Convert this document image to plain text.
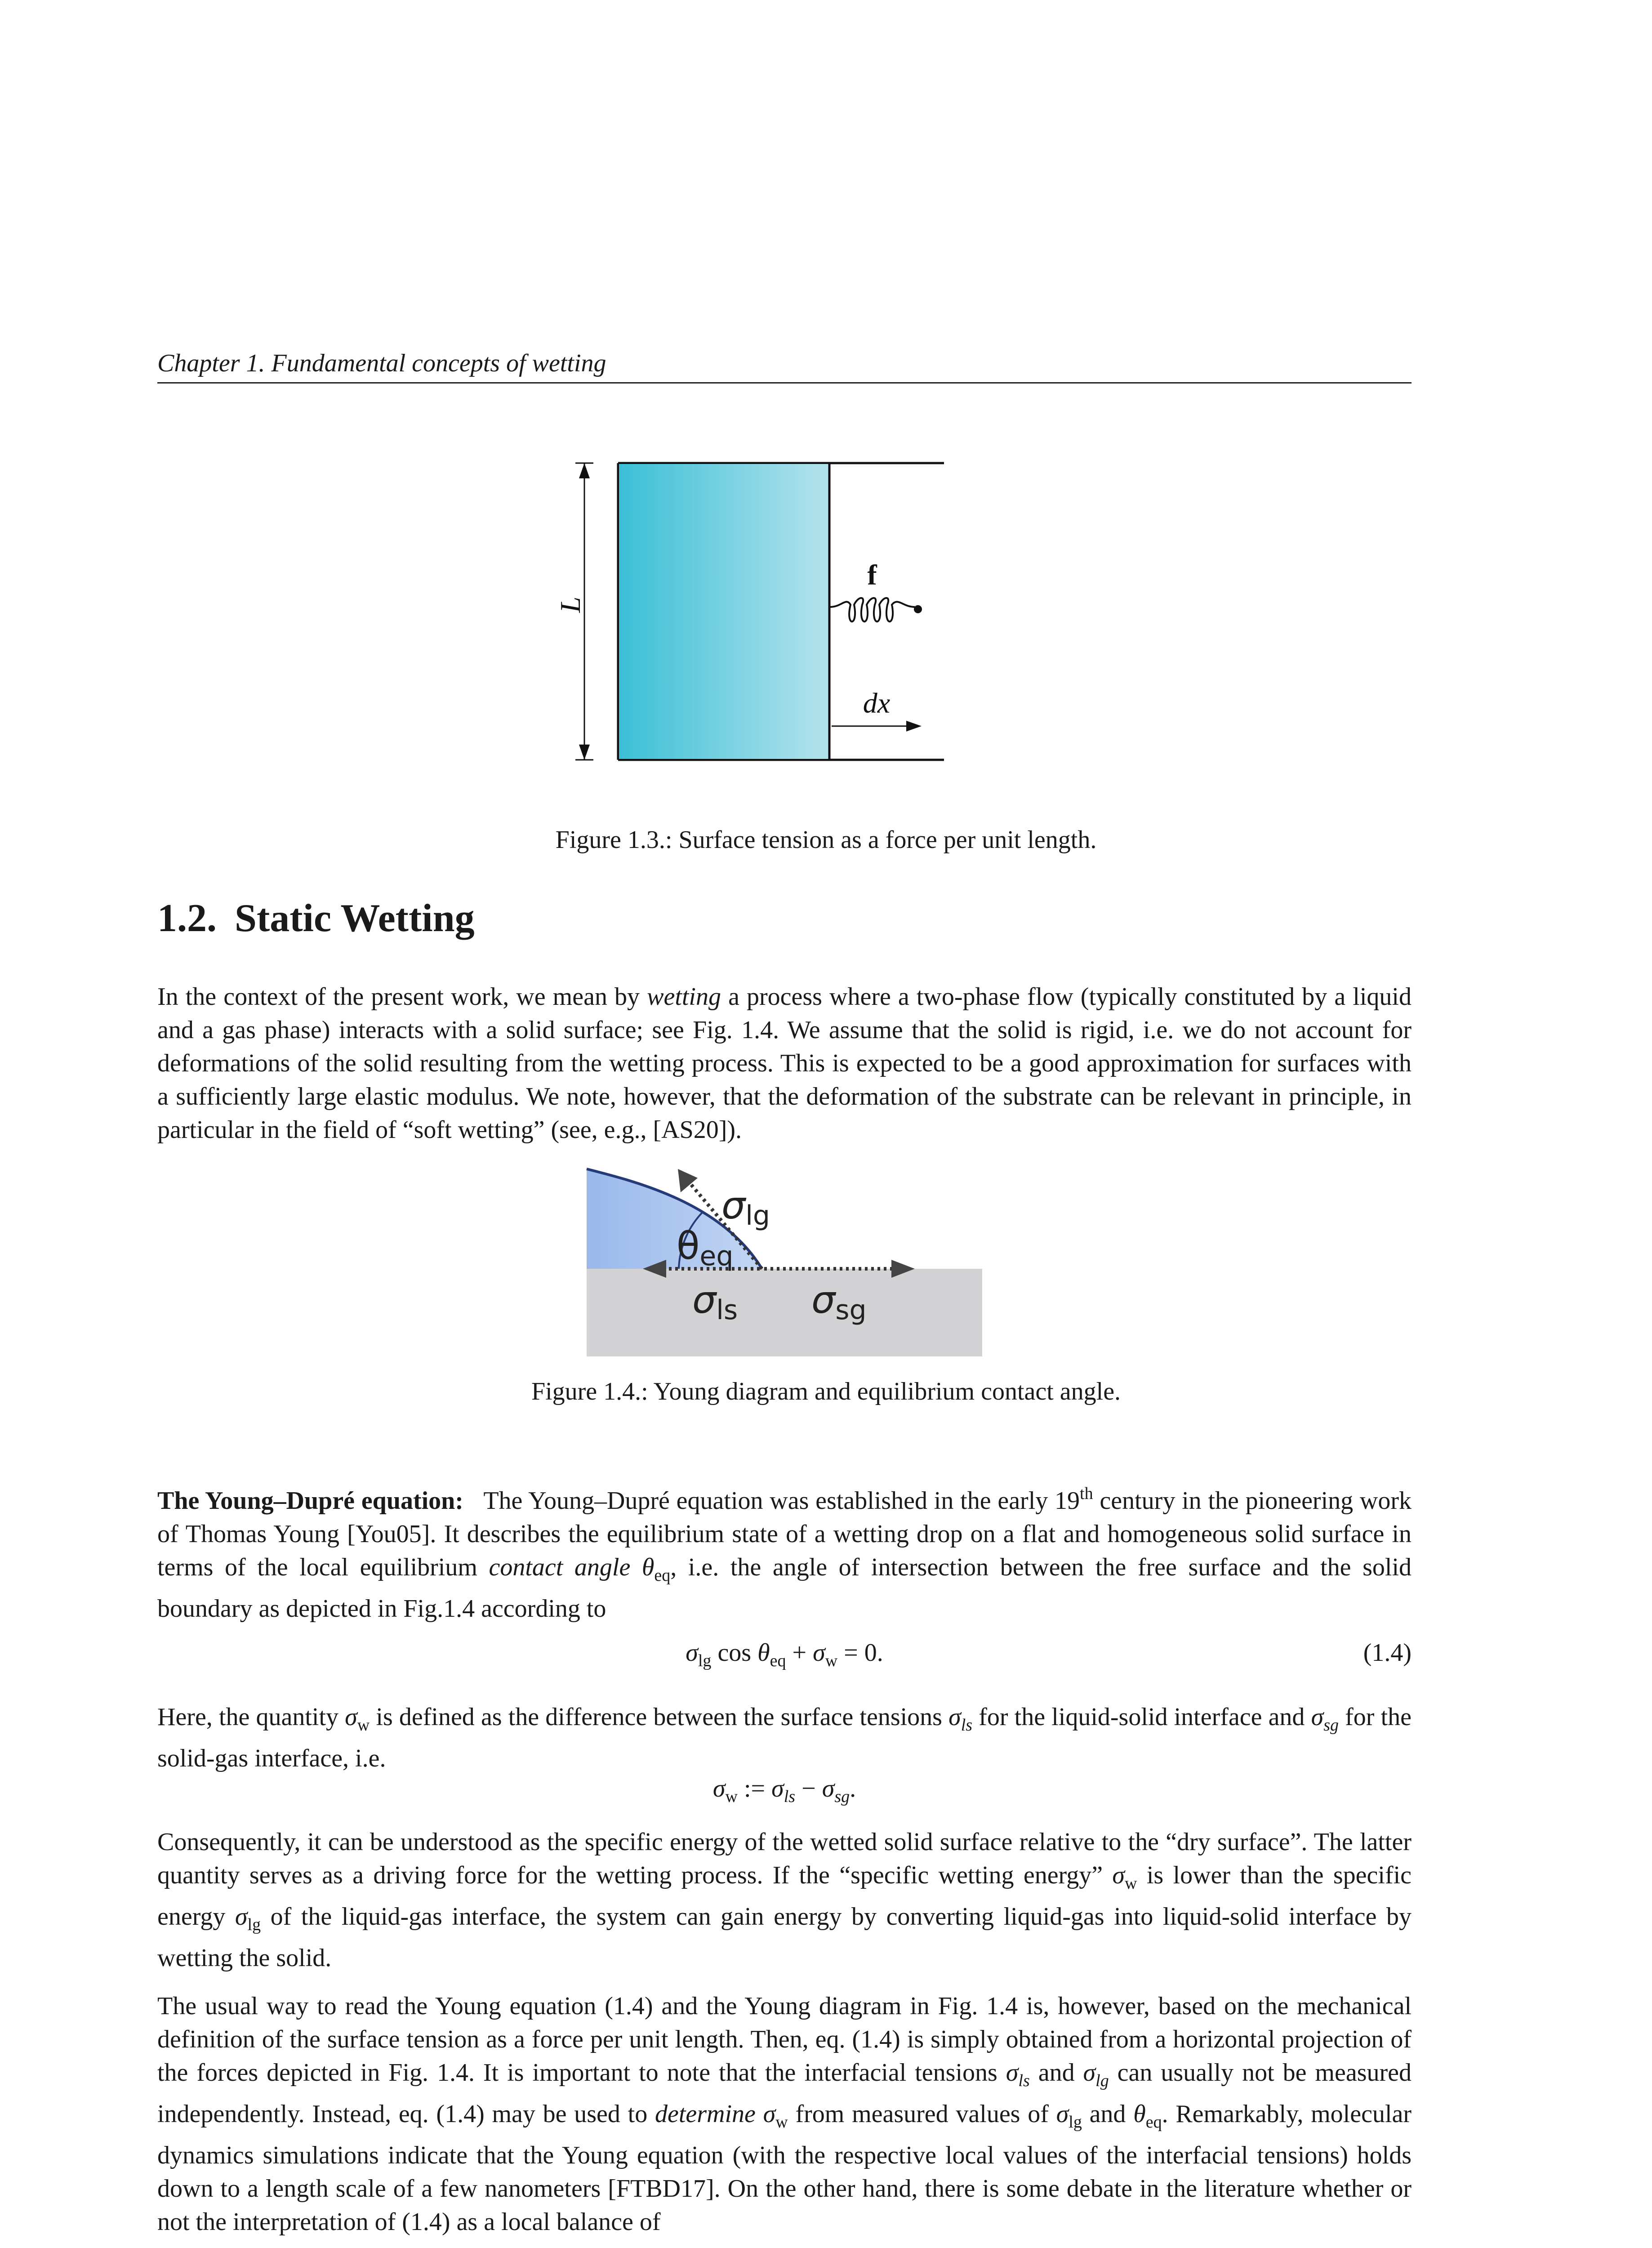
Chapter 1. Fundamental concepts of wetting
L
f
dx
Figure 1.3.: Surface tension as a force per unit length.
1.2. Static Wetting

In the context of the present work, we mean by wetting a process where a two-phase flow (typically constituted by a liquid and a gas phase) interacts with a solid surface; see Fig. 1.4. We assume that the solid is rigid, i.e. we do not account for deformations of the solid resulting from the wetting process. This is expected to be a good approximation for surfaces with a sufficiently large elastic modulus. We note, however, that the deformation of the substrate can be relevant in principle, in particular in the field of “soft wetting” (see, e.g., [AS20]).

σlg
θeq
σls σsg
Figure 1.4.: Young diagram and equilibrium contact angle.

The Young–Dupré equation: The Young–Dupré equation was established in the early 19th century in the pioneering work of Thomas Young [You05]. It describes the equilibrium state of a wetting drop on a flat and homogeneous solid surface in terms of the local equilibrium contact angle $\theta_{eq}$, i.e. the angle of intersection between the free surface and the solid boundary as depicted in Fig.1.4 according to

$\sigma_{lg}$ $\cos \theta_{eq} + \sigma_w = 0$.	(1.4)

Here, the quantity $\sigma_w$ is defined as the difference between the surface tensions $\sigma_{ls}$ for the liquid-solid interface and $\sigma_{sg}$ for the solid-gas interface, i.e.

$\sigma_w$ := $\sigma_{ls} - \sigma_{sg}$.

Consequently, it can be understood as the specific energy of the wetted solid surface relative to the “dry surface”. The latter quantity serves as a driving force for the wetting process. If the “specific wetting energy” $\sigma_w$ is lower than the specific energy $\sigma_{lg}$ of the liquid-gas interface, the system can gain energy by converting liquid-gas into liquid-solid interface by wetting the solid.

The usual way to read the Young equation (1.4) and the Young diagram in Fig. 1.4 is, however, based on the mechanical definition of the surface tension as a force per unit length. Then, eq. (1.4) is simply obtained from a horizontal projection of the forces depicted in Fig. 1.4. It is important to note that the interfacial tensions $\sigma_{ls}$ and $\sigma_{lg}$ can usually not be measured independently. Instead, eq. (1.4) may be used to determine $\sigma_w$ from measured values of $\sigma_{lg}$ and $\theta_{eq}$. Remarkably, molecular dynamics simulations indicate that the Young equation (with the respective local values of the interfacial tensions) holds down to a length scale of a few nanometers [FTBD17]. On the other hand, there is some debate in the literature whether or not the interpretation of (1.4) as a local balance of
